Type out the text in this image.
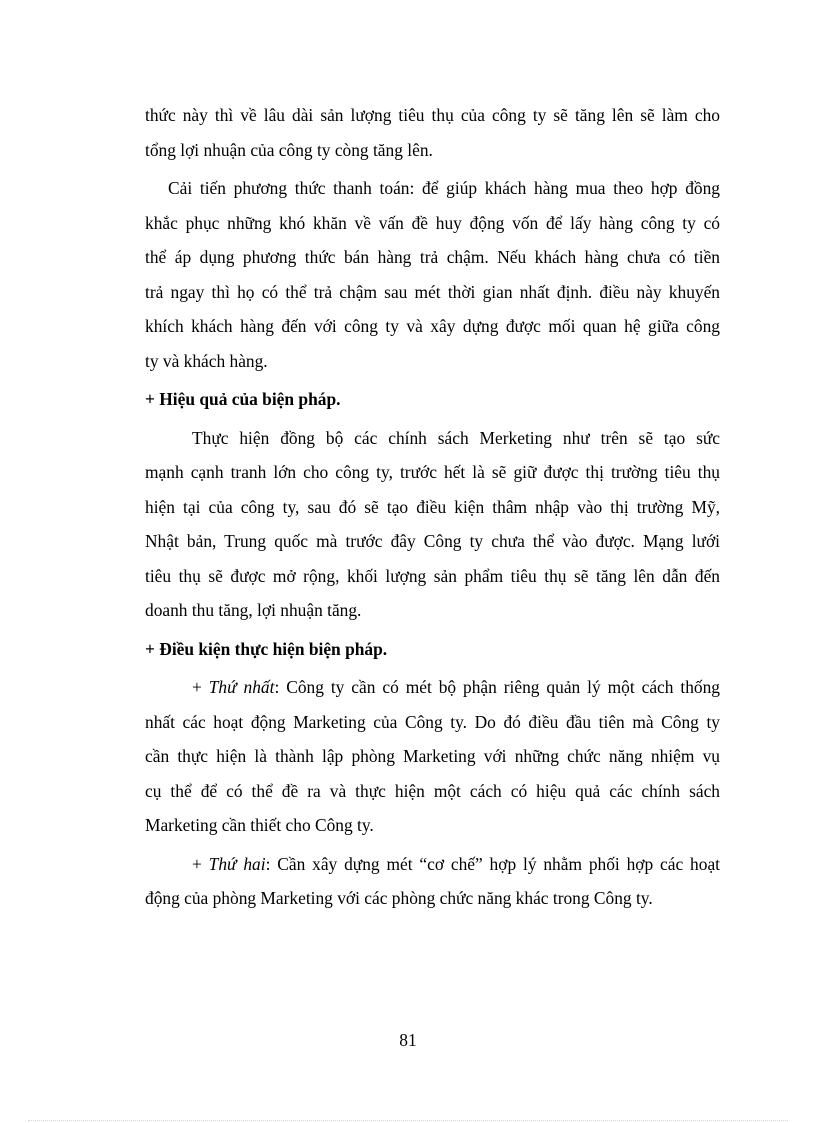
thức này thì về lâu dài sản lượng tiêu thụ của công ty sẽ tăng lên sẽ làm cho
tổng lợi nhuận của công ty còng tăng lên.
Cải tiến phương thức thanh toán: để giúp khách hàng mua theo hợp đồng
khắc phục những khó khăn về vấn đề huy động vốn để lấy hàng công ty có
thể áp dụng phương thức bán hàng trả chậm. Nếu khách hàng chưa có tiền
trả ngay thì họ có thể trả chậm sau mét thời gian nhất định. điều này khuyến
khích khách hàng đến với công ty và xây dựng được mối quan hệ giữa công
ty và khách hàng.
+ Hiệu quả của biện pháp.
Thực hiện đồng bộ các chính sách Merketing như trên sẽ tạo sức
mạnh cạnh tranh lớn cho công ty, trước hết là sẽ giữ được thị trường tiêu thụ
hiện tại của công ty, sau đó sẽ tạo điều kiện thâm nhập vào thị trường Mỹ,
Nhật bản, Trung quốc mà trước đây Công ty chưa thể vào được. Mạng lưới
tiêu thụ sẽ được mở rộng, khối lượng sản phẩm tiêu thụ sẽ tăng lên dẫn đến
doanh thu tăng, lợi nhuận tăng.
+ Điều kiện thực hiện biện pháp.
+ Thứ nhất: Công ty cần có mét bộ phận riêng quản lý một cách thống
nhất các hoạt động Marketing của Công ty. Do đó điều đầu tiên mà Công ty
cần thực hiện là thành lập phòng Marketing với những chức năng nhiệm vụ
cụ thể để có thể đề ra và thực hiện một cách có hiệu quả các chính sách
Marketing cần thiết cho Công ty.
+ Thứ hai: Cần xây dựng mét “cơ chế” hợp lý nhằm phối hợp các hoạt
động của phòng Marketing với các phòng chức năng khác trong Công ty.
81
